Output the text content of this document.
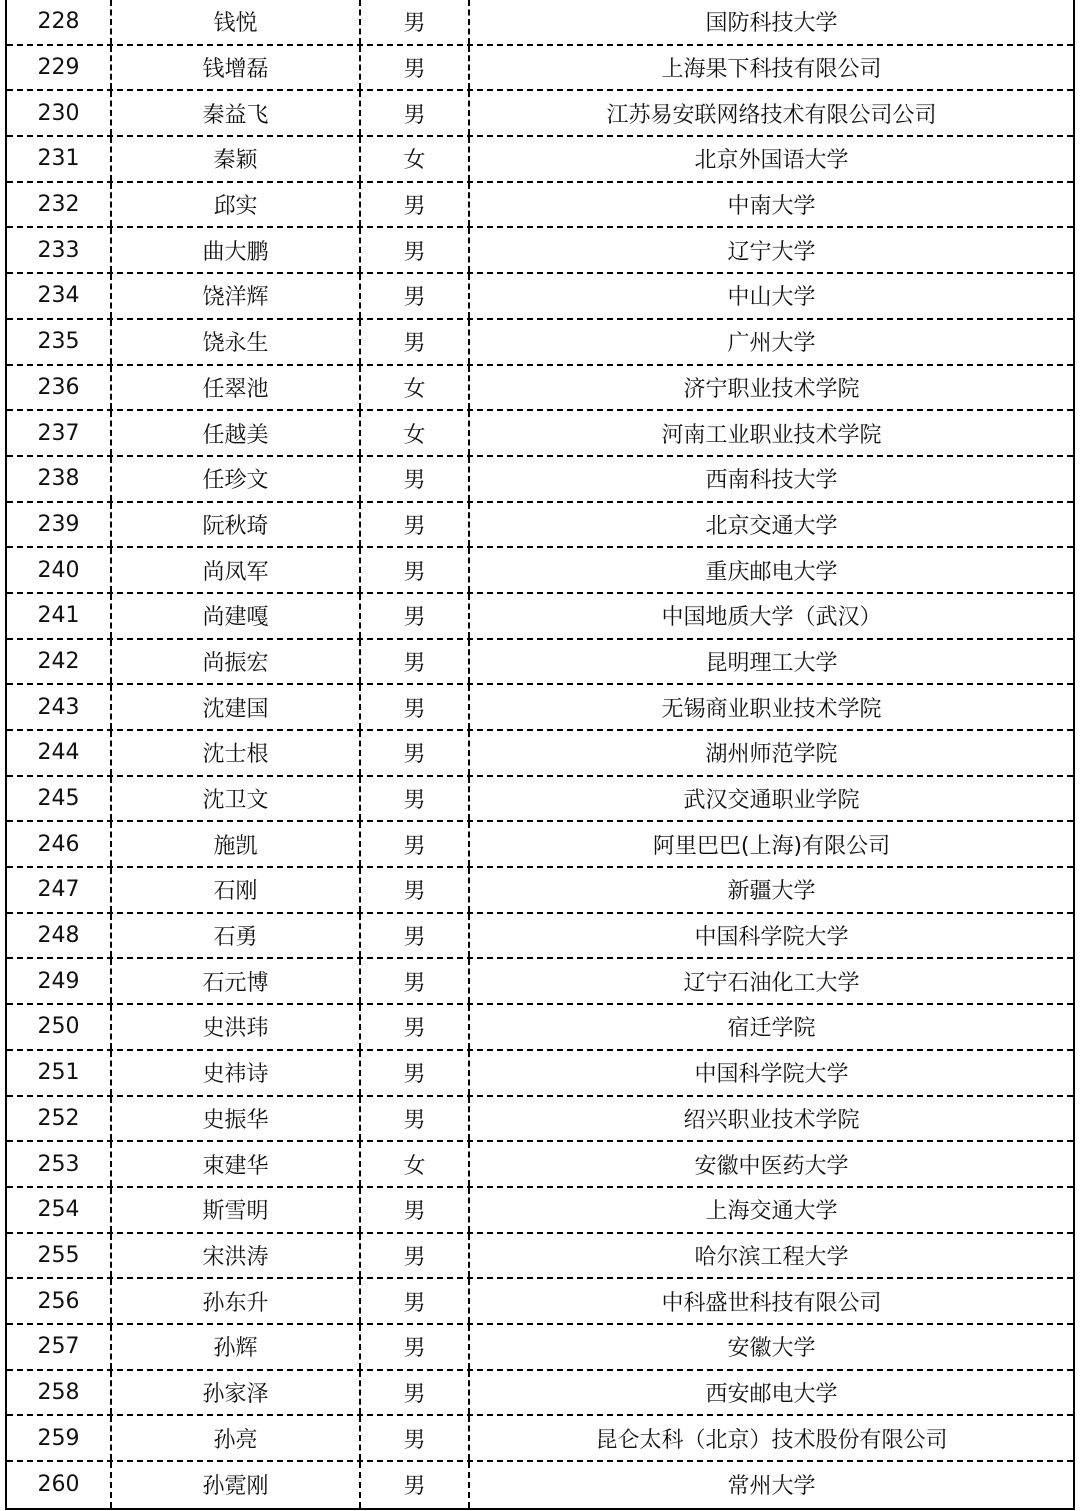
228	钱悦	男	国防科技大学
229	钱增磊	男	上海果下科技有限公司
230	秦益飞	男	江苏易安联网络技术有限公司公司
231	秦颖	女	北京外国语大学
232	邱实	男	中南大学
233	曲大鹏	男	辽宁大学
234	饶洋辉	男	中山大学
235	饶永生	男	广州大学
236	任翠池	女	济宁职业技术学院
237	任越美	女	河南工业职业技术学院
238	任珍文	男	西南科技大学
239	阮秋琦	男	北京交通大学
240	尚凤军	男	重庆邮电大学
241	尚建嘎	男	中国地质大学（武汉）
242	尚振宏	男	昆明理工大学
243	沈建国	男	无锡商业职业技术学院
244	沈士根	男	湖州师范学院
245	沈卫文	男	武汉交通职业学院
246	施凯	男	阿里巴巴(上海)有限公司
247	石刚	男	新疆大学
248	石勇	男	中国科学院大学
249	石元博	男	辽宁石油化工大学
250	史洪玮	男	宿迁学院
251	史祎诗	男	中国科学院大学
252	史振华	男	绍兴职业技术学院
253	束建华	女	安徽中医药大学
254	斯雪明	男	上海交通大学
255	宋洪涛	男	哈尔滨工程大学
256	孙东升	男	中科盛世科技有限公司
257	孙辉	男	安徽大学
258	孙家泽	男	西安邮电大学
259	孙亮	男	昆仑太科（北京）技术股份有限公司
260	孙霓刚	男	常州大学
